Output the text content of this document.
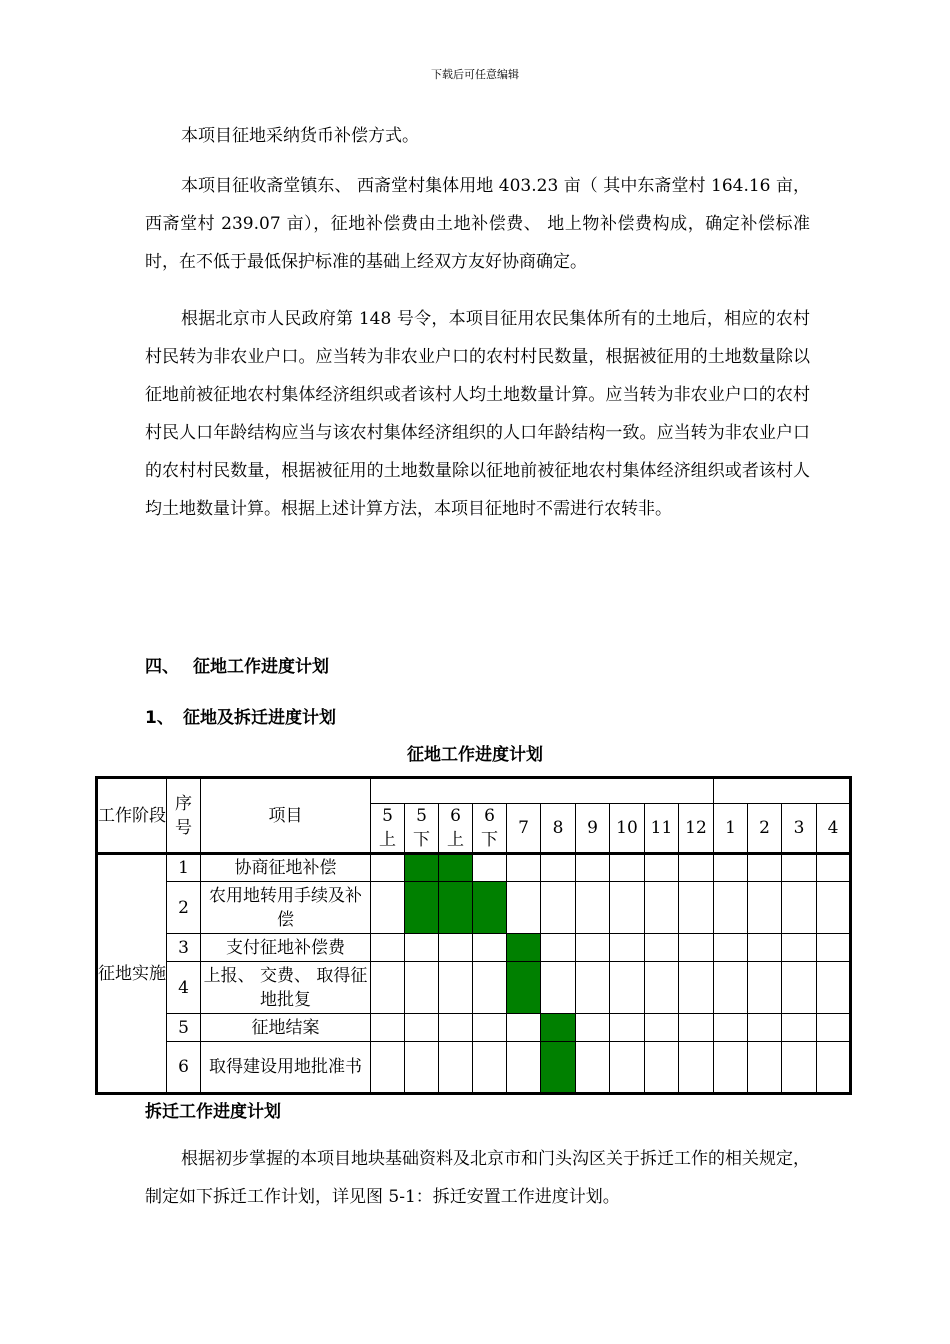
下载后可任意编辑

本项目征地采纳货币补偿方式。

本项目征收斋堂镇东、 西斋堂村集体用地 403.23 亩（ 其中东斋堂村 164.16 亩， 西斋堂村 239.07 亩），征地补偿费由土地补偿费、 地上物补偿费构成，确定补偿标准时，在不低于最低保护标准的基础上经双方友好协商确定。

根据北京市人民政府第 148 号令，本项目征用农民集体所有的土地后，相应的农村村民转为非农业户口。应当转为非农业户口的农村村民数量，根据被征用的土地数量除以征地前被征地农村集体经济组织或者该村人均土地数量计算。应当转为非农业户口的农村村民人口年龄结构应当与该农村集体经济组织的人口年龄结构一致。应当转为非农业户口的农村村民数量，根据被征用的土地数量除以征地前被征地农村集体经济组织或者该村人均土地数量计算。根据上述计算方法，本项目征地时不需进行农转非。

四、 征地工作进度计划
1、 征地及拆迁进度计划
征地工作进度计划
工作阶段	序号	项目														
			5 上	5 下	6 上	6 下	7	8	9	10	11	12	1	2	3	4
征地实施	1	协商征地补偿														
	2	农用地转用手续及补偿														
	3	支付征地补偿费														
	4	上报、 交费、 取得征地批复														
	5	征地结案														
	6	取得建设用地批准书														
拆迁工作进度计划

根据初步掌握的本项目地块基础资料及北京市和门头沟区关于拆迁工作的相关规定，制定如下拆迁工作计划，详见图 5-1：拆迁安置工作进度计划。
